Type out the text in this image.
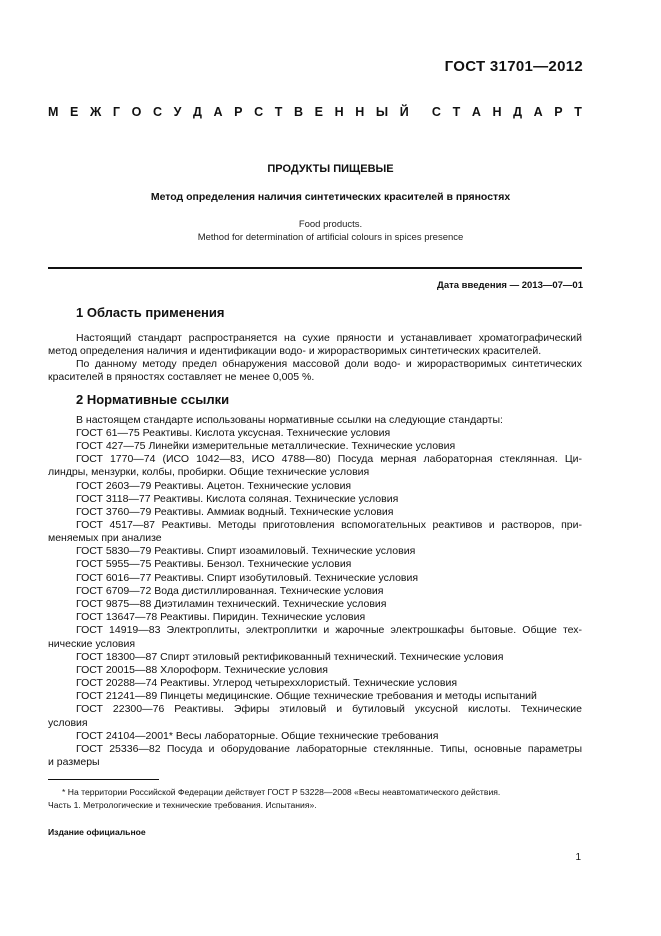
ГОСТ 31701—2012
М Е Ж Г О С У Д А Р С Т В Е Н Н Ы Й С Т А Н Д А Р Т
ПРОДУКТЫ ПИЩЕВЫЕ
Метод определения наличия синтетических красителей в пряностях
Food products.
Method for determination of artificial colours in spices presence
Дата введения — 2013—07—01
1 Область применения
Настоящий стандарт распространяется на сухие пряности и устанавливает хроматографический
метод определения наличия и идентификации водо- и жирорастворимых синтетических красителей.
По данному методу предел обнаружения массовой доли водо- и жирорастворимых синтетических
красителей в пряностях составляет не менее 0,005 %.
2 Нормативные ссылки
В настоящем стандарте использованы нормативные ссылки на следующие стандарты:
ГОСТ 61—75 Реактивы. Кислота уксусная. Технические условия
ГОСТ 427—75 Линейки измерительные металлические. Технические условия
ГОСТ 1770—74 (ИСО 1042—83, ИСО 4788—80) Посуда мерная лабораторная стеклянная. Ци-
линдры, мензурки, колбы, пробирки. Общие технические условия
ГОСТ 2603—79 Реактивы. Ацетон. Технические условия
ГОСТ 3118—77 Реактивы. Кислота соляная. Технические условия
ГОСТ 3760—79 Реактивы. Аммиак водный. Технические условия
ГОСТ 4517—87 Реактивы. Методы приготовления вспомогательных реактивов и растворов, при-
меняемых при анализе
ГОСТ 5830—79 Реактивы. Спирт изоамиловый. Технические условия
ГОСТ 5955—75 Реактивы. Бензол. Технические условия
ГОСТ 6016—77 Реактивы. Спирт изобутиловый. Технические условия
ГОСТ 6709—72 Вода дистиллированная. Технические условия
ГОСТ 9875—88 Диэтиламин технический. Технические условия
ГОСТ 13647—78 Реактивы. Пиридин. Технические условия
ГОСТ 14919—83 Электроплиты, электроплитки и жарочные электрошкафы бытовые. Общие тех-
нические условия
ГОСТ 18300—87 Спирт этиловый ректификованный технический. Технические условия
ГОСТ 20015—88 Хлороформ. Технические условия
ГОСТ 20288—74 Реактивы. Углерод четыреххлористый. Технические условия
ГОСТ 21241—89 Пинцеты медицинские. Общие технические требования и методы испытаний
ГОСТ 22300—76 Реактивы. Эфиры этиловый и бутиловый уксусной кислоты. Технические
условия
ГОСТ 24104—2001* Весы лабораторные. Общие технические требования
ГОСТ 25336—82 Посуда и оборудование лабораторные стеклянные. Типы, основные параметры
и размеры
* На территории Российской Федерации действует ГОСТ Р 53228—2008 «Весы неавтоматического действия.
Часть 1. Метрологические и технические требования. Испытания».
Издание официальное
1
